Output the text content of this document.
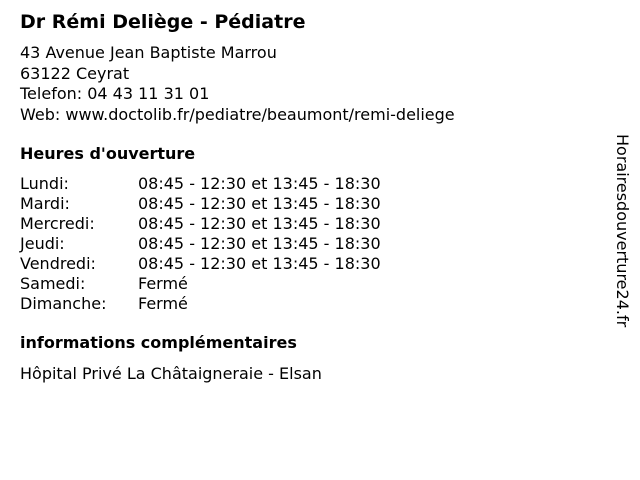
Dr Rémi Deliège - Pédiatre
43 Avenue Jean Baptiste Marrou
63122 Ceyrat
Telefon: 04 43 11 31 01
Web: www.doctolib.fr/pediatre/beaumont/remi-deliege
Heures d'ouverture
Lundi:	08:45 - 12:30 et 13:45 - 18:30
Mardi:	08:45 - 12:30 et 13:45 - 18:30
Mercredi:	08:45 - 12:30 et 13:45 - 18:30
Jeudi:	08:45 - 12:30 et 13:45 - 18:30
Vendredi:	08:45 - 12:30 et 13:45 - 18:30
Samedi:	Fermé
Dimanche: Fermé
informations complémentaires
Hôpital Privé La Châtaigneraie - Elsan
Horairesdouverture24.fr
